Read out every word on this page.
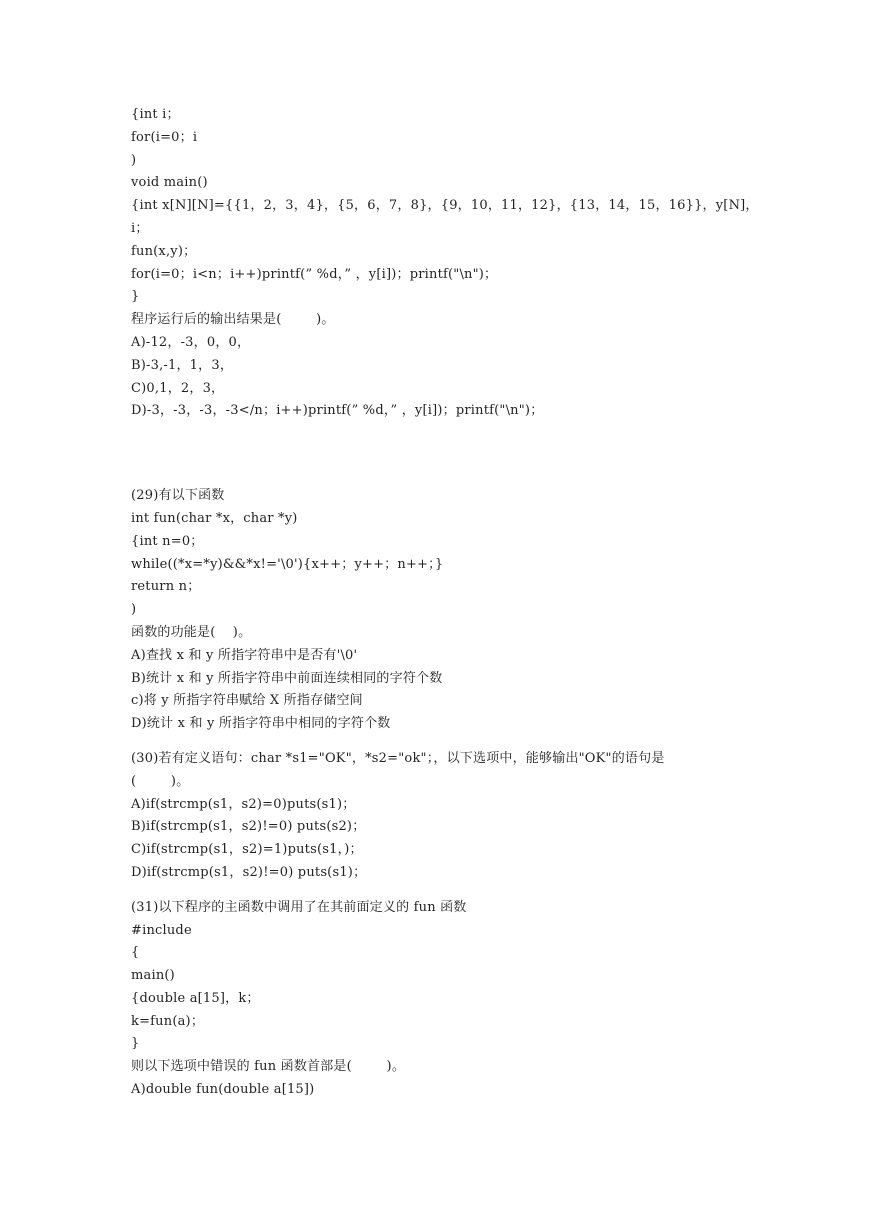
{int i；
for(i=0；i
)
void main()
{int x[N][N]={{1，2，3，4}，{5，6，7，8}，{9，10，11，12}，{13，14，15，16}}，y[N]，
i；
fun(x,y)；
for(i=0；i<n；i++)printf(” %d，” ，y[i])；printf("\n")；
}
程序运行后的输出结果是(        )。
A)-12，-3，0，0，
B)-3,-1，1，3，
C)0,1，2，3，
D)-3，-3，-3，-3</n；i++)printf(” %d，” ，y[i])；printf("\n")；
(29)有以下函数
int fun(char *x，char *y)
{int n=0；
while((*x=*y)&&*x!='\0'){x++；y++；n++；}
return n；
)
函数的功能是(    )。
A)查找 x 和 y 所指字符串中是否有'\0'
B)统计 x 和 y 所指字符串中前面连续相同的字符个数
c)将 y 所指字符串赋给 X 所指存储空间
D)统计 x 和 y 所指字符串中相同的字符个数
(30)若有定义语句：char *s1="OK"，*s2="ok"；，以下选项中，能够输出"OK"的语句是
(        )。
A)if(strcmp(s1，s2)=0)puts(s1)；
B)if(strcmp(s1，s2)!=0) puts(s2)；
C)if(strcmp(s1，s2)=1)puts(s1，)；
D)if(strcmp(s1，s2)!=0) puts(s1)；
(31)以下程序的主函数中调用了在其前面定义的 fun 函数
#include
{
main()
{double a[15]，k；
k=fun(a)；
}
则以下选项中错误的 fun 函数首部是(        )。
A)double fun(double a[15])
